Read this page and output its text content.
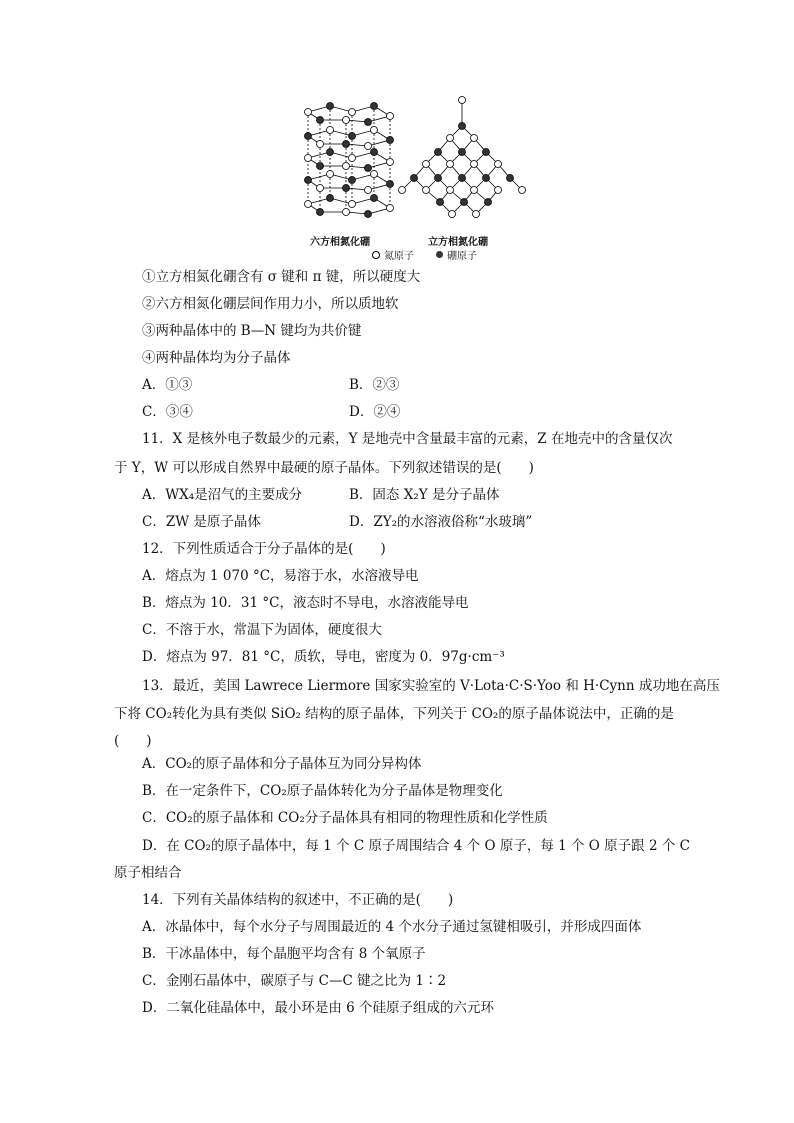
六方相氮化硼	立方相氮化硼
氮原子	硼原子
①立方相氮化硼含有 σ 键和 π 键，所以硬度大
②六方相氮化硼层间作用力小，所以质地软
③两种晶体中的 B—N 键均为共价键
④两种晶体均为分子晶体
A．①③	B．②③
C．③④	D．②④
11．X 是核外电子数最少的元素，Y 是地壳中含量最丰富的元素，Z 在地壳中的含量仅次
于 Y，W 可以形成自然界中最硬的原子晶体。下列叙述错误的是(　　)
A．WX₄是沼气的主要成分	B．固态 X₂Y 是分子晶体
C．ZW 是原子晶体	D．ZY₂的水溶液俗称“水玻璃”
12．下列性质适合于分子晶体的是(　　)
A．熔点为 1 070 °C，易溶于水，水溶液导电
B．熔点为 10．31 °C，液态时不导电，水溶液能导电
C．不溶于水，常温下为固体，硬度很大
D．熔点为 97．81 °C，质软，导电，密度为 0．97g·cm⁻³
13．最近，美国 Lawrece Liermore 国家实验室的 V·Lota·C·S·Yoo 和 H·Cynn 成功地在高压
下将 CO₂转化为具有类似 SiO₂ 结构的原子晶体，下列关于 CO₂的原子晶体说法中，正确的是
(　　)
A．CO₂的原子晶体和分子晶体互为同分异构体
B．在一定条件下，CO₂原子晶体转化为分子晶体是物理变化
C．CO₂的原子晶体和 CO₂分子晶体具有相同的物理性质和化学性质
D．在 CO₂的原子晶体中，每 1 个 C 原子周围结合 4 个 O 原子，每 1 个 O 原子跟 2 个 C
原子相结合
14．下列有关晶体结构的叙述中，不正确的是(　　)
A．冰晶体中，每个水分子与周围最近的 4 个水分子通过氢键相吸引，并形成四面体
B．干冰晶体中，每个晶胞平均含有 8 个氧原子
C．金刚石晶体中，碳原子与 C—C 键之比为 1∶2
D．二氧化硅晶体中，最小环是由 6 个硅原子组成的六元环
